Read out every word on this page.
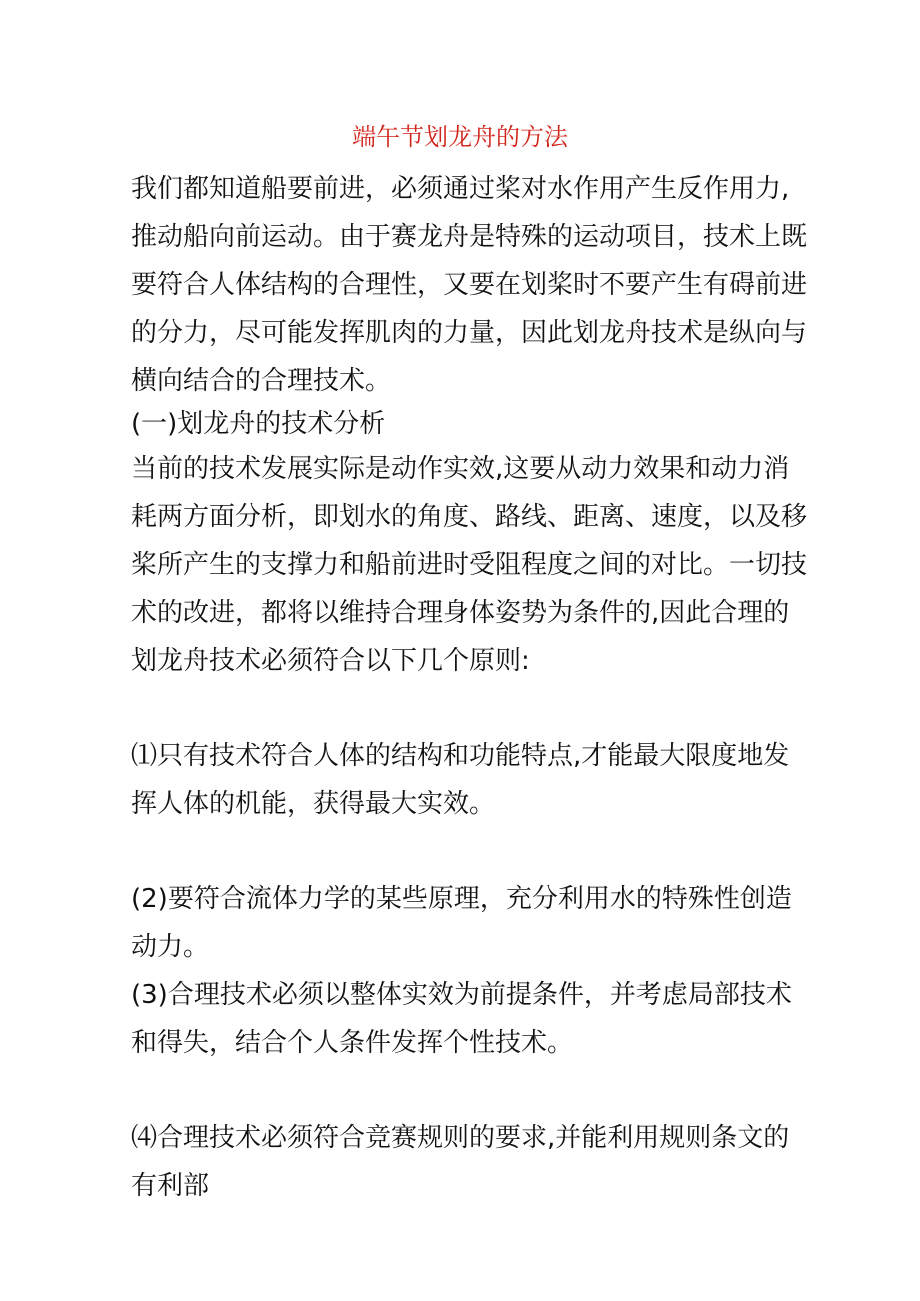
端午节划龙舟的方法

我们都知道船要前进，必须通过桨对水作用产生反作用力,推动船向前运动。由于赛龙舟是特殊的运动项目，技术上既要符合人体结构的合理性，又要在划桨时不要产生有碍前进的分力，尽可能发挥肌肉的力量，因此划龙舟技术是纵向与横向结合的合理技术。

(一)划龙舟的技术分析

当前的技术发展实际是动作实效,这要从动力效果和动力消耗两方面分析，即划水的角度、路线、距离、速度，以及移桨所产生的支撑力和船前进时受阻程度之间的对比。一切技术的改进，都将以维持合理身体姿势为条件的,因此合理的划龙舟技术必须符合以下几个原则:

⑴只有技术符合人体的结构和功能特点,才能最大限度地发挥人体的机能，获得最大实效。

(2)要符合流体力学的某些原理，充分利用水的特殊性创造动力。

(3)合理技术必须以整体实效为前提条件，并考虑局部技术和得失，结合个人条件发挥个性技术。

⑷合理技术必须符合竞赛规则的要求,并能利用规则条文的有利部
